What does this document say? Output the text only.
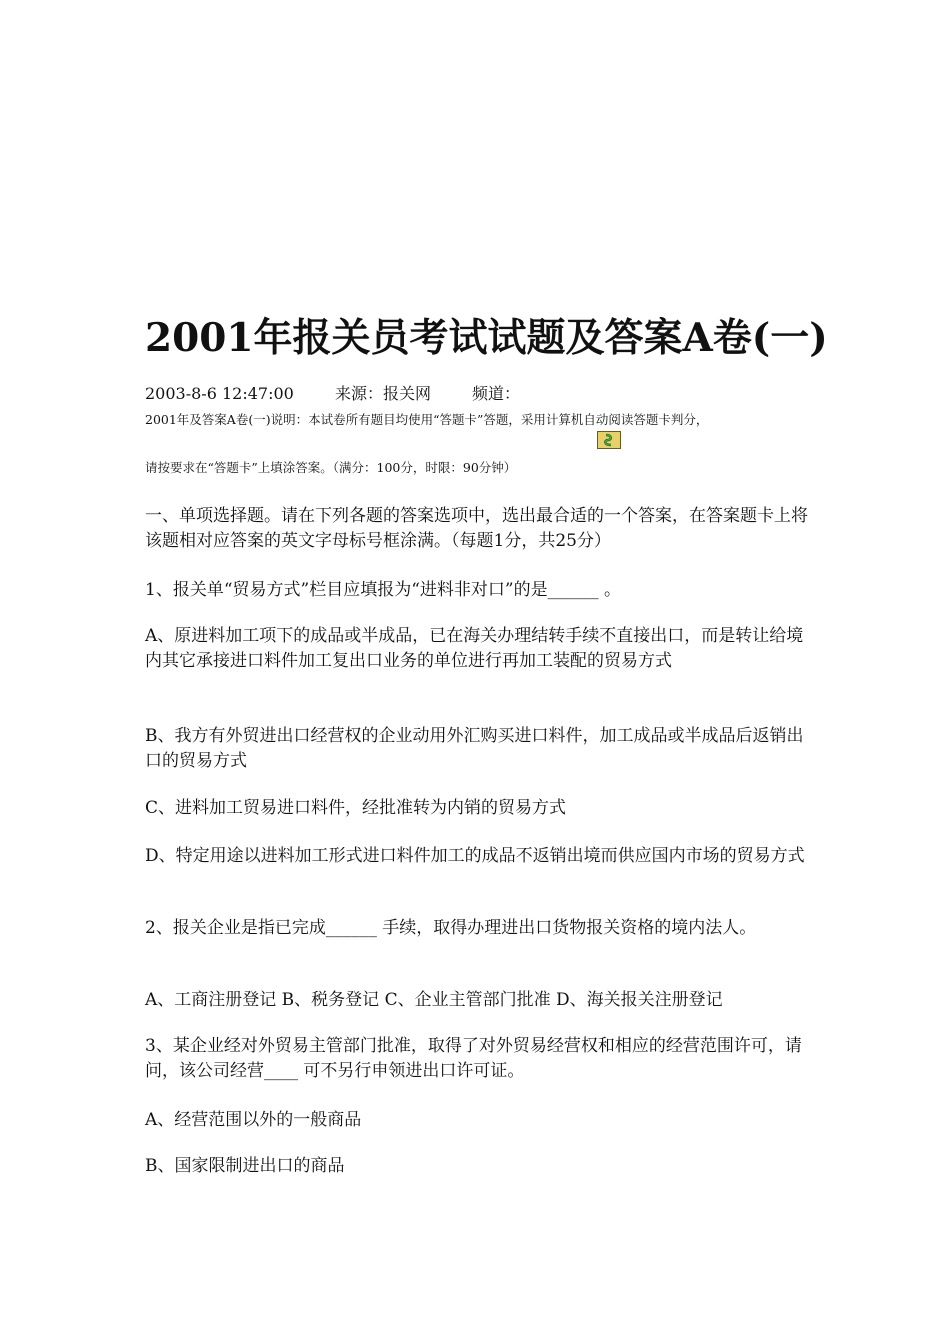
2001年报关员考试试题及答案A卷(一)
2003-8-6 12:47:00	来源：报关网	频道：
2001年及答案A卷(一)说明：本试卷所有题目均使用“答题卡”答题，采用计算机自动阅读答题卡判分，
请按要求在“答题卡”上填涂答案。（满分：100分，时限：90分钟）
一、单项选择题。请在下列各题的答案选项中，选出最合适的一个答案，在答案题卡上将该题相对应答案的英文字母标号框涂满。（每题1分，共25分）
1、报关单“贸易方式”栏目应填报为“进料非对口”的是______ 。
A、原进料加工项下的成品或半成品，已在海关办理结转手续不直接出口，而是转让给境内其它承接进口料件加工复出口业务的单位进行再加工装配的贸易方式
B、我方有外贸进出口经营权的企业动用外汇购买进口料件，加工成品或半成品后返销出口的贸易方式
C、进料加工贸易进口料件，经批准转为内销的贸易方式
D、特定用途以进料加工形式进口料件加工的成品不返销出境而供应国内市场的贸易方式
2、报关企业是指已完成______ 手续，取得办理进出口货物报关资格的境内法人。
A、工商注册登记 B、税务登记 C、企业主管部门批准 D、海关报关注册登记
3、某企业经对外贸易主管部门批准，取得了对外贸易经营权和相应的经营范围许可，请问，该公司经营____ 可不另行申领进出口许可证。
A、经营范围以外的一般商品
B、国家限制进出口的商品
